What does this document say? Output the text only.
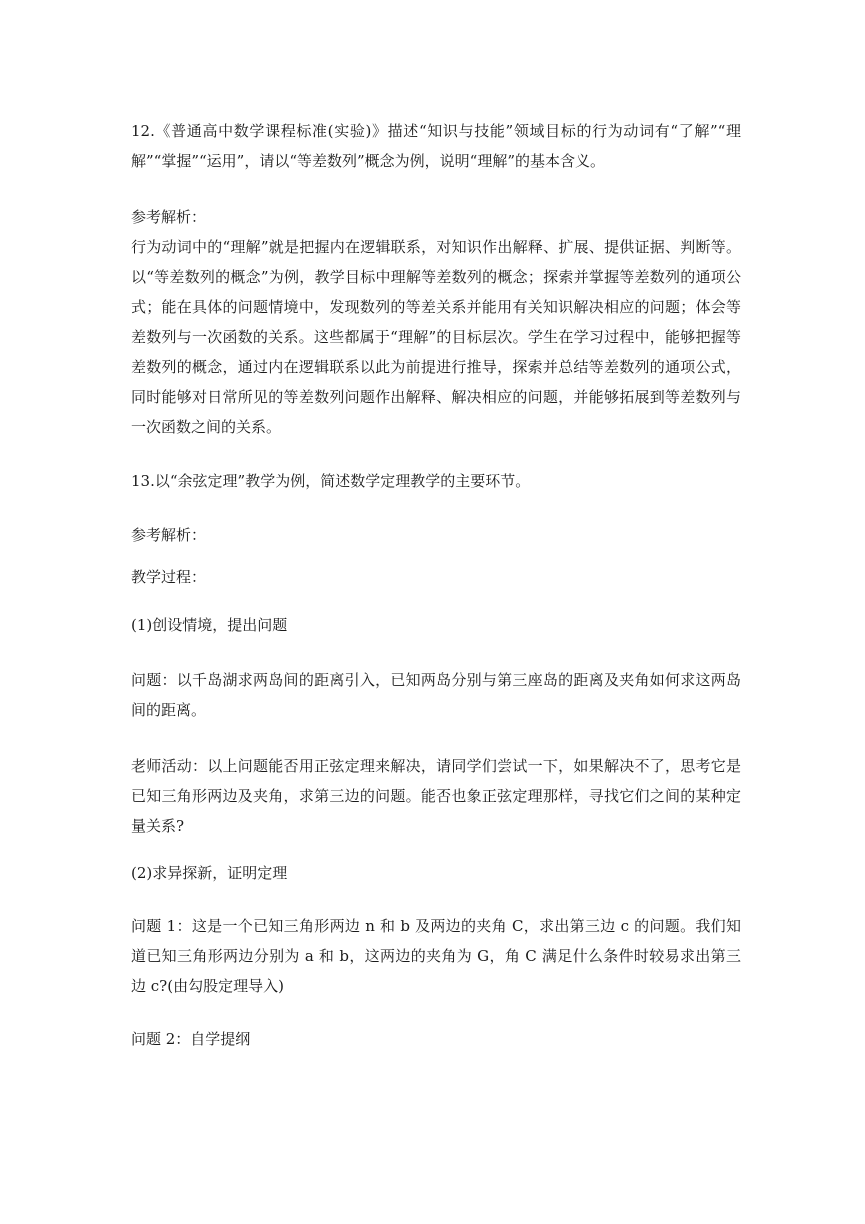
12.《普通高中数学课程标准(实验)》描述“知识与技能”领域目标的行为动词有“了解”“理解”“掌握”“运用”，请以“等差数列”概念为例，说明“理解”的基本含义。

参考解析：

行为动词中的“理解”就是把握内在逻辑联系，对知识作出解释、扩展、提供证据、判断等。以“等差数列的概念”为例，教学目标中理解等差数列的概念；探索并掌握等差数列的通项公式；能在具体的问题情境中，发现数列的等差关系并能用有关知识解决相应的问题；体会等差数列与一次函数的关系。这些都属于“理解”的目标层次。学生在学习过程中，能够把握等差数列的概念，通过内在逻辑联系以此为前提进行推导，探索并总结等差数列的通项公式，同时能够对日常所见的等差数列问题作出解释、解决相应的问题，并能够拓展到等差数列与一次函数之间的关系。

13.以“余弦定理”教学为例，简述数学定理教学的主要环节。

参考解析：

教学过程：

(1)创设情境，提出问题

问题：以千岛湖求两岛间的距离引入，已知两岛分别与第三座岛的距离及夹角如何求这两岛间的距离。

老师活动：以上问题能否用正弦定理来解决，请同学们尝试一下，如果解决不了，思考它是已知三角形两边及夹角，求第三边的问题。能否也象正弦定理那样，寻找它们之间的某种定量关系?

(2)求异探新，证明定理

问题 1：这是一个已知三角形两边 n 和 b 及两边的夹角 C，求出第三边 c 的问题。我们知道已知三角形两边分别为 a 和 b，这两边的夹角为 G，角 C 满足什么条件时较易求出第三边 c?(由勾股定理导入)

问题 2：自学提纲
